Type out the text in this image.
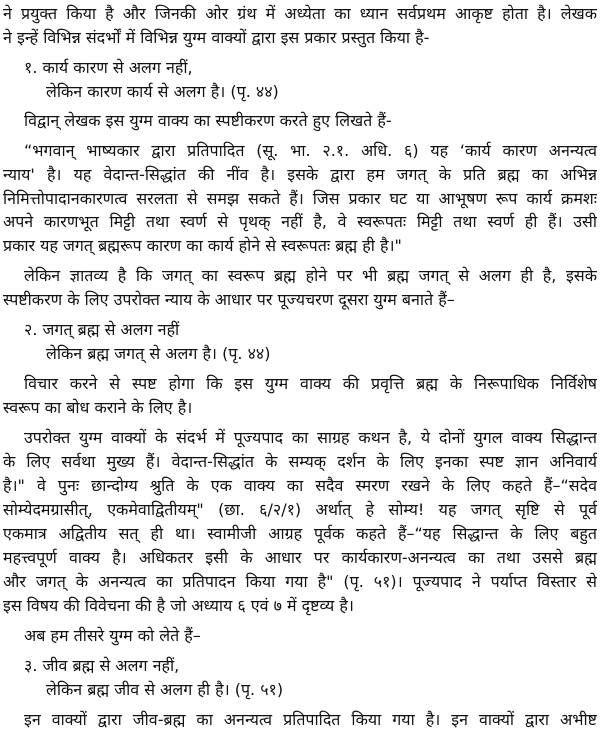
ने प्रयुक्त किया है और जिनकी ओर ग्रंथ में अध्येता का ध्यान सर्वप्रथम आकृष्ट होता है। लेखक
ने इन्हें विभिन्न संदर्भों में विभिन्न युग्म वाक्यों द्वारा इस प्रकार प्रस्तुत किया है-
१. कार्य कारण से अलग नहीं,
लेकिन कारण कार्य से अलग है। (पृ. ४४)
विद्वान् लेखक इस युग्म वाक्य का स्पष्टीकरण करते हुए लिखते हैं-
“भगवान् भाष्यकार द्वारा प्रतिपादित (सू. भा. २.१. अधि. ६) यह ‘कार्य कारण अनन्यत्व
न्याय' है। यह वेदान्त-सिद्धांत की नींव है। इसके द्वारा हम जगत् के प्रति ब्रह्म का अभिन्न
निमित्तोपादानकारणत्व सरलता से समझ सकते हैं। जिस प्रकार घट या आभूषण रूप कार्य क्रमशः
अपने कारणभूत मिट्टी तथा स्वर्ण से पृथक् नहीं है, वे स्वरूपतः मिट्टी तथा स्वर्ण ही हैं। उसी
प्रकार यह जगत् ब्रह्मरूप कारण का कार्य होने से स्वरूपतः ब्रह्म ही है।"
लेकिन ज्ञातव्य है कि जगत् का स्वरूप ब्रह्म होने पर भी ब्रह्म जगत् से अलग ही है, इसके
स्पष्टीकरण के लिए उपरोक्त न्याय के आधार पर पूज्यचरण दूसरा युग्म बनाते हैं–
२. जगत् ब्रह्म से अलग नहीं
लेकिन ब्रह्म जगत् से अलग है। (पृ. ४४)
विचार करने से स्पष्ट होगा कि इस युग्म वाक्य की प्रवृत्ति ब्रह्म के निरूपाधिक निर्विशेष
स्वरूप का बोध कराने के लिए है।
उपरोक्त युग्म वाक्यों के संदर्भ में पूज्यपाद का साग्रह कथन है, ये दोनों युगल वाक्य सिद्धान्त
के लिए सर्वथा मुख्य हैं। वेदान्त-सिद्धांत के सम्यक् दर्शन के लिए इनका स्पष्ट ज्ञान अनिवार्य
है।" वे पुनः छान्दोग्य श्रुति के एक वाक्य का सदैव स्मरण रखने के लिए कहते हैं–“सदेव
सोम्येदमग्रासीत्, एकमेवाद्वितीयम्" (छा. ६/२/१) अर्थात् हे सोम्य! यह जगत् सृष्टि से पूर्व
एकमात्र अद्वितीय सत् ही था। स्वामीजी आग्रह पूर्वक कहते हैं–“यह सिद्धान्त के लिए बहुत
महत्त्वपूर्ण वाक्य है। अधिकतर इसी के आधार पर कार्यकारण-अनन्यत्व का तथा उससे ब्रह्म
और जगत् के अनन्यत्व का प्रतिपादन किया गया है" (पृ. ५१)। पूज्यपाद ने पर्याप्त विस्तार से
इस विषय की विवेचना की है जो अध्याय ६ एवं ७ में दृष्टव्य है।
अब हम तीसरे युग्म को लेते हैं–
३. जीव ब्रह्म से अलग नहीं,
लेकिन ब्रह्म जीव से अलग ही है। (पृ. ५१)
इन वाक्यों द्वारा जीव-ब्रह्म का अनन्यत्व प्रतिपादित किया गया है। इन वाक्यों द्वारा अभीष्ट
